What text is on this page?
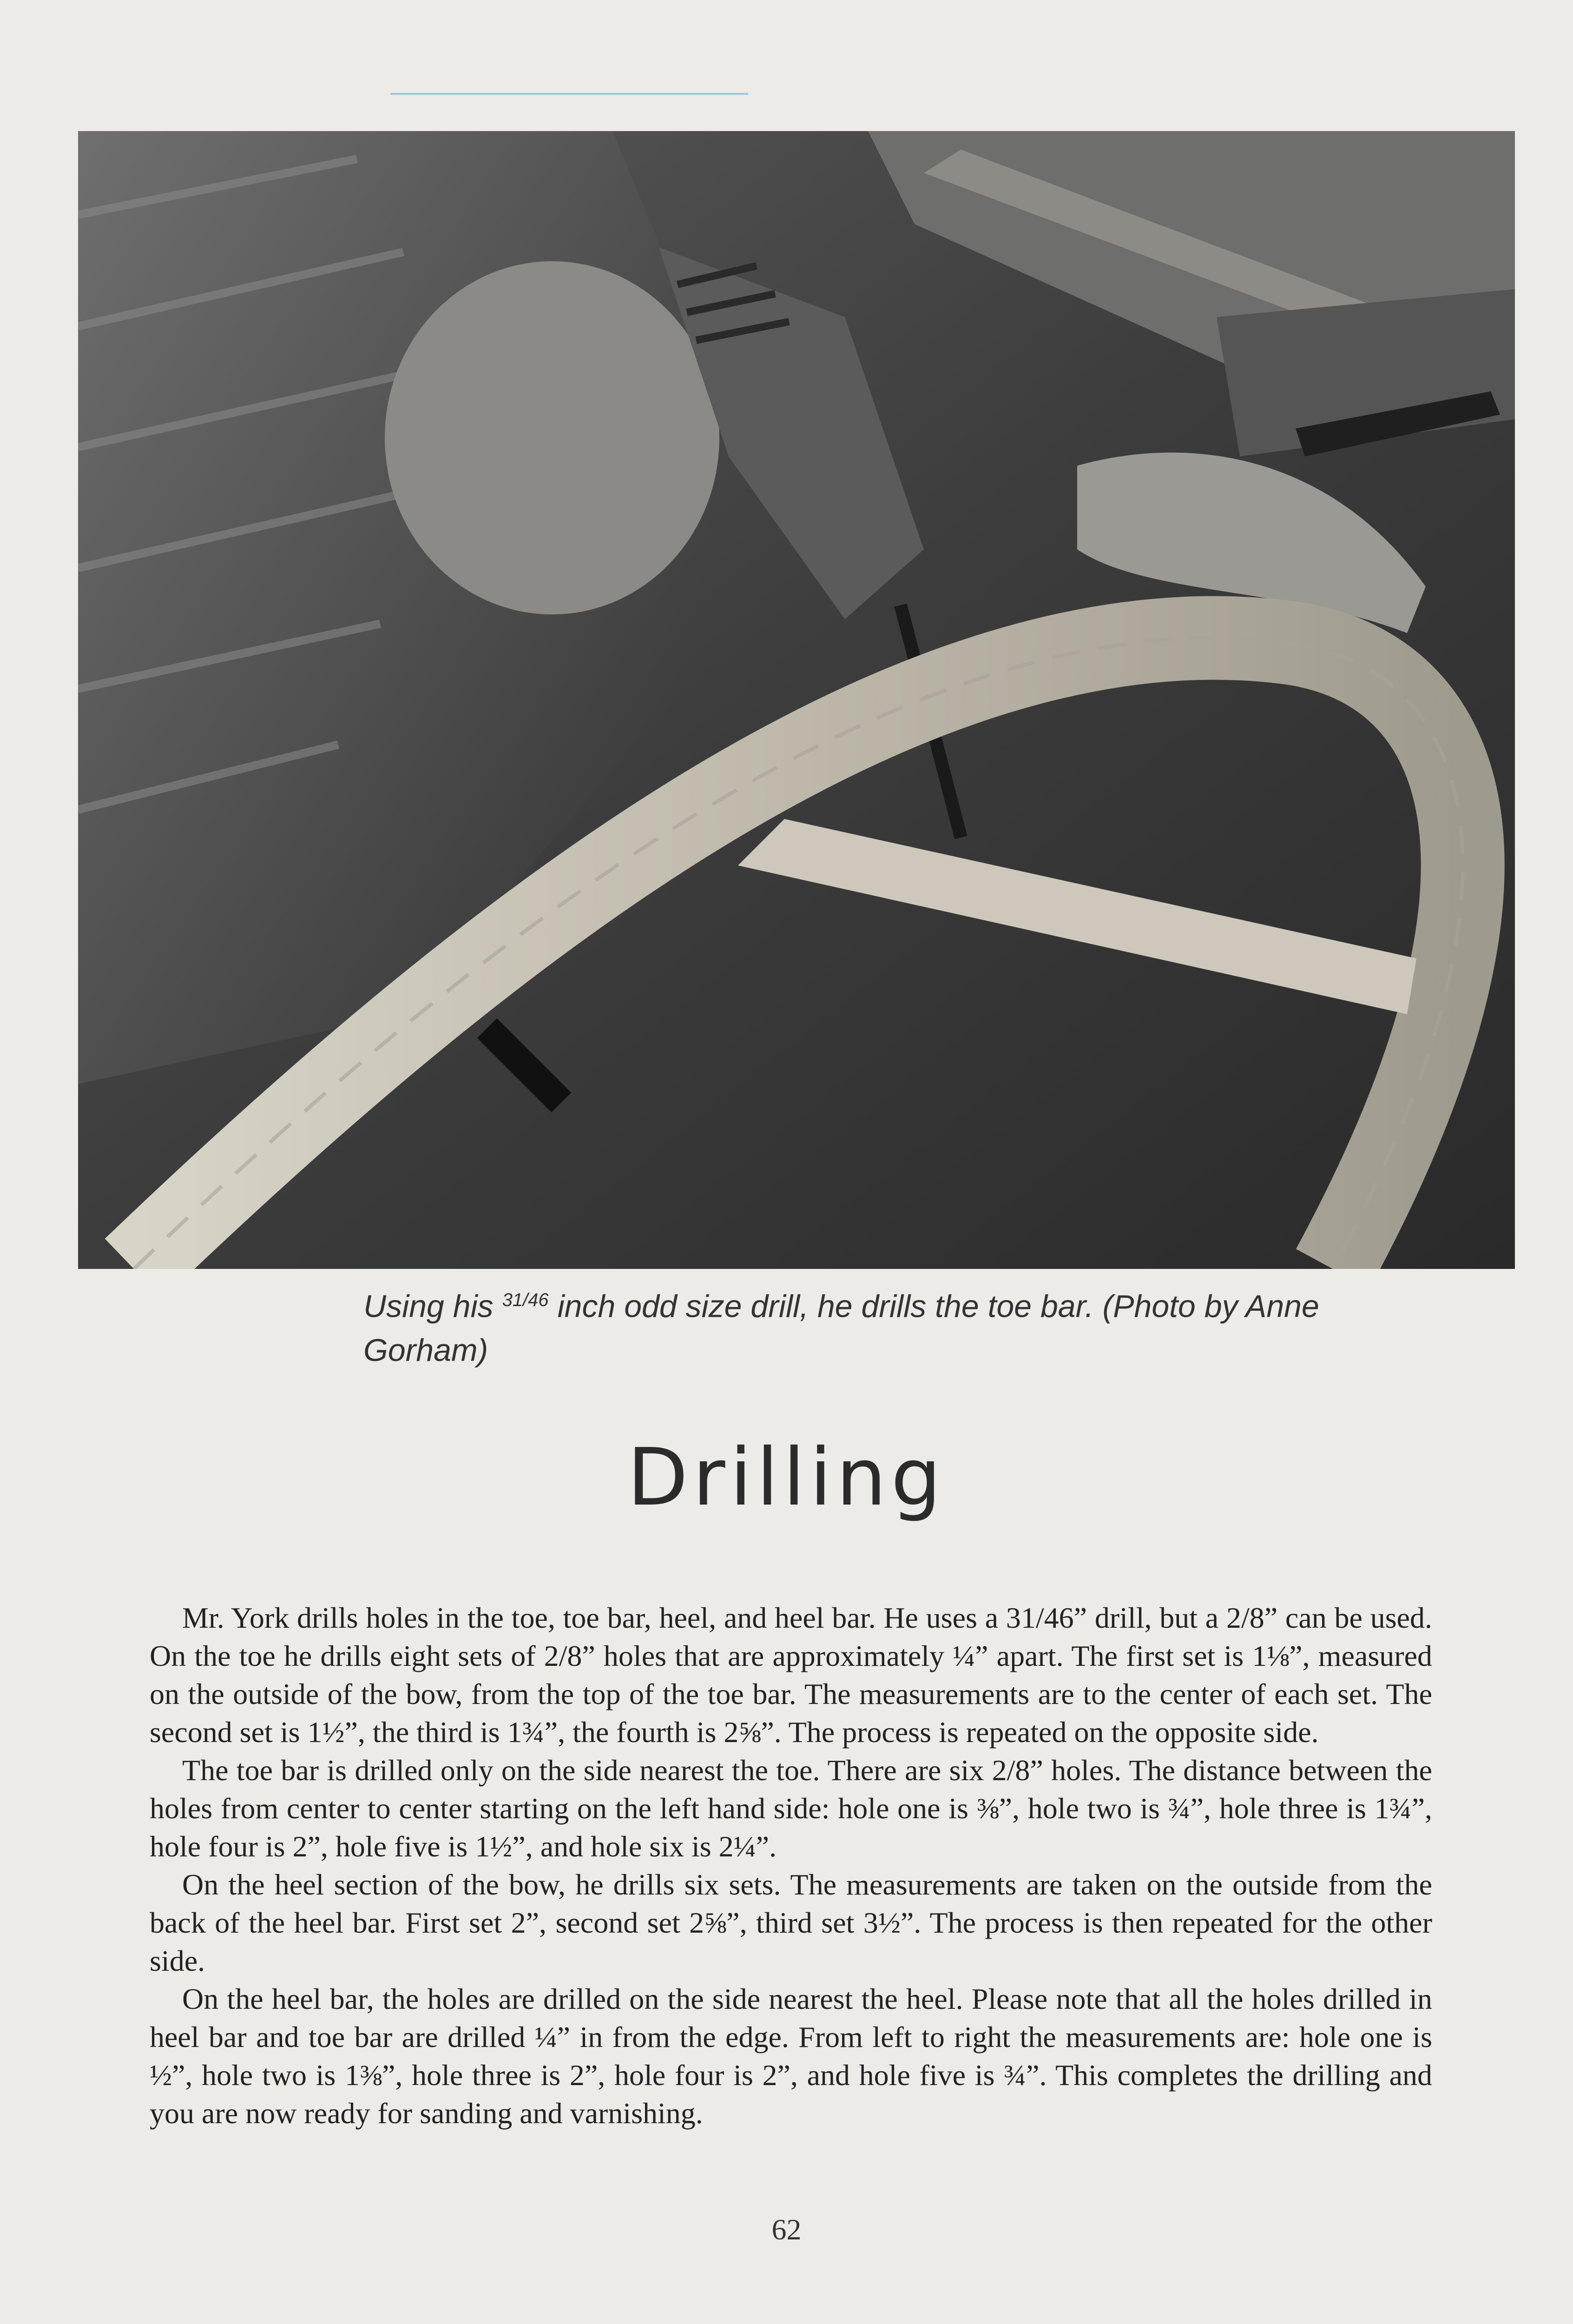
Using his $^{31/46}$ inch odd size drill, he drills the toe bar. (Photo by Anne Gorham)
Drilling

Mr. York drills holes in the toe, toe bar, heel, and heel bar. He uses a 31/46” drill, but a 2/8” can be used. On the toe he drills eight sets of 2/8” holes that are approximately ¼” apart. The first set is 1⅛”, measured on the outside of the bow, from the top of the toe bar. The measurements are to the center of each set. The second set is 1½”, the third is 1¾”, the fourth is 2⅝”. The process is repeated on the opposite side.

The toe bar is drilled only on the side nearest the toe. There are six 2/8” holes. The distance between the holes from center to center starting on the left hand side: hole one is ⅜”, hole two is ¾”, hole three is 1¾”, hole four is 2”, hole five is 1½”, and hole six is 2¼”.

On the heel section of the bow, he drills six sets. The measurements are taken on the outside from the back of the heel bar. First set 2”, second set 2⅝”, third set 3½”. The process is then repeated for the other side.

On the heel bar, the holes are drilled on the side nearest the heel. Please note that all the holes drilled in heel bar and toe bar are drilled ¼” in from the edge. From left to right the measurements are: hole one is ½”, hole two is 1⅜”, hole three is 2”, hole four is 2”, and hole five is ¾”. This completes the drilling and you are now ready for sanding and varnishing.

62
